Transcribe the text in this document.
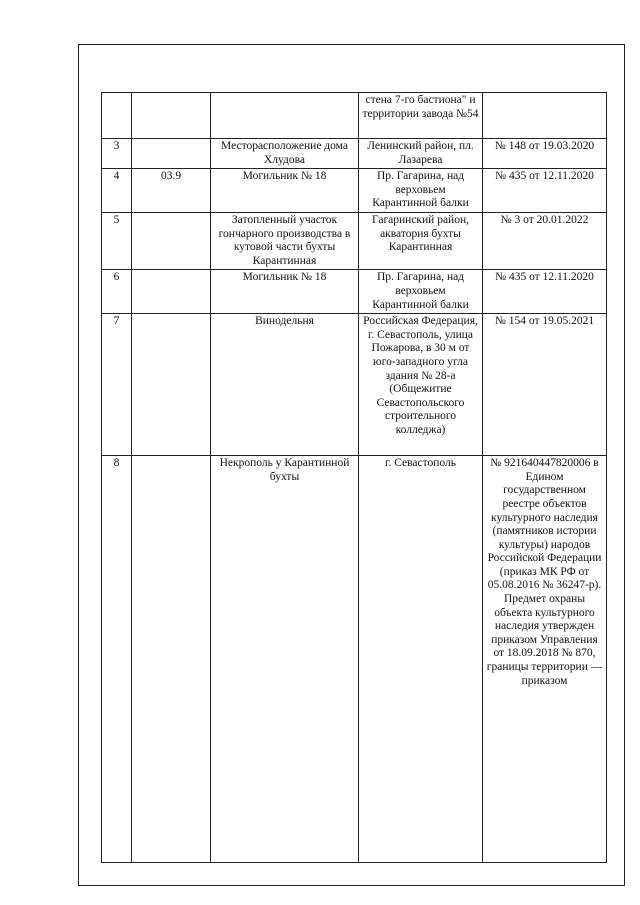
			стена 7-го бастиона" и территории завода №54	
3		Месторасположение дома Хлудова	Ленинский район, пл. Лазарева	№ 148 от 19.03.2020
4	03.9	Могильник № 18	Пр. Гагарина, над верховьем Карантинной балки	№ 435 от 12.11.2020
5		Затопленный участок гончарного производства в кутовой части бухты Карантинная	Гагаринский район, акватория бухты Карантинная	№ 3 от 20.01.2022
6		Могильник № 18	Пр. Гагарина, над верховьем Карантинной балки	№ 435 от 12.11.2020
7		Винодельня	Российская Федерация, г. Севастополь, улица Пожарова, в 30 м от юго-западного угла здания № 28-а (Общежитие Севастопольского строительного колледжа)	№ 154 от 19.05.2021
8		Некрополь у Карантинной бухты	г. Севастополь	№ 921640447820006 в Едином государственном реестре объектов культурного наследия (памятников истории культуры) народов Российской Федерации (приказ МК РФ от 05.08.2016 № 36247-р). Предмет охраны объекта культурного наследия утвержден приказом Управления от 18.09.2018 № 870, границы территории — приказом
